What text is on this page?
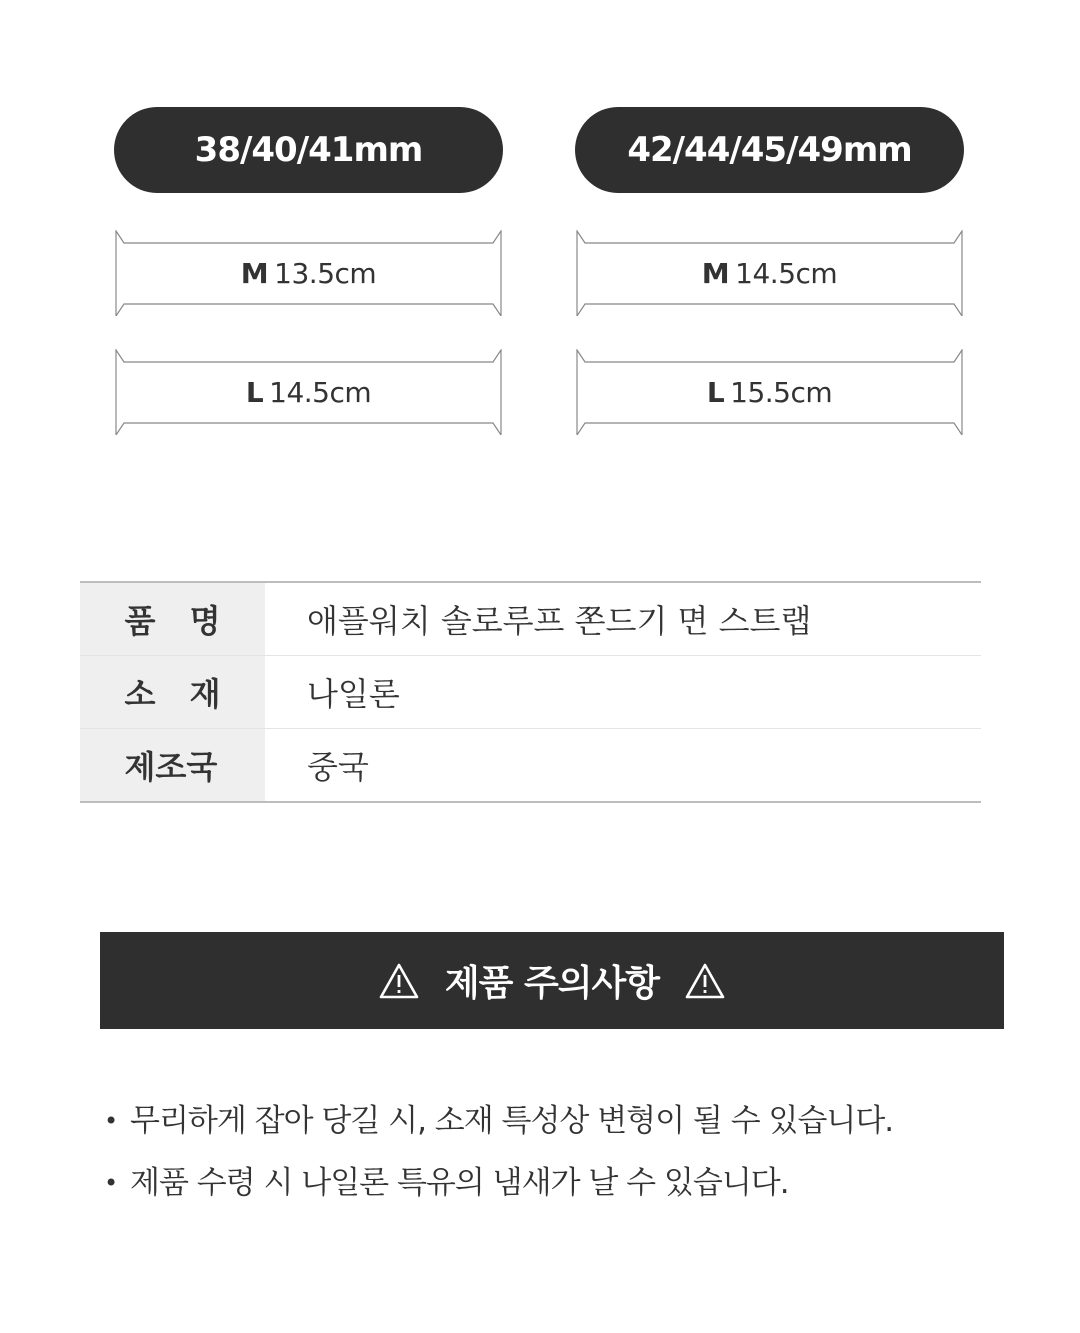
38/40/41mm
M 13.5cm
L 14.5cm
42/44/45/49mm
M 14.5cm
L 15.5cm
품 명	애플워치 솔로루프 쫀드기 면 스트랩
소 재	나일론
제조국	중국
제품 주의사항
• 무리하게 잡아 당길 시, 소재 특성상 변형이 될 수 있습니다.
• 제품 수령 시 나일론 특유의 냄새가 날 수 있습니다.
